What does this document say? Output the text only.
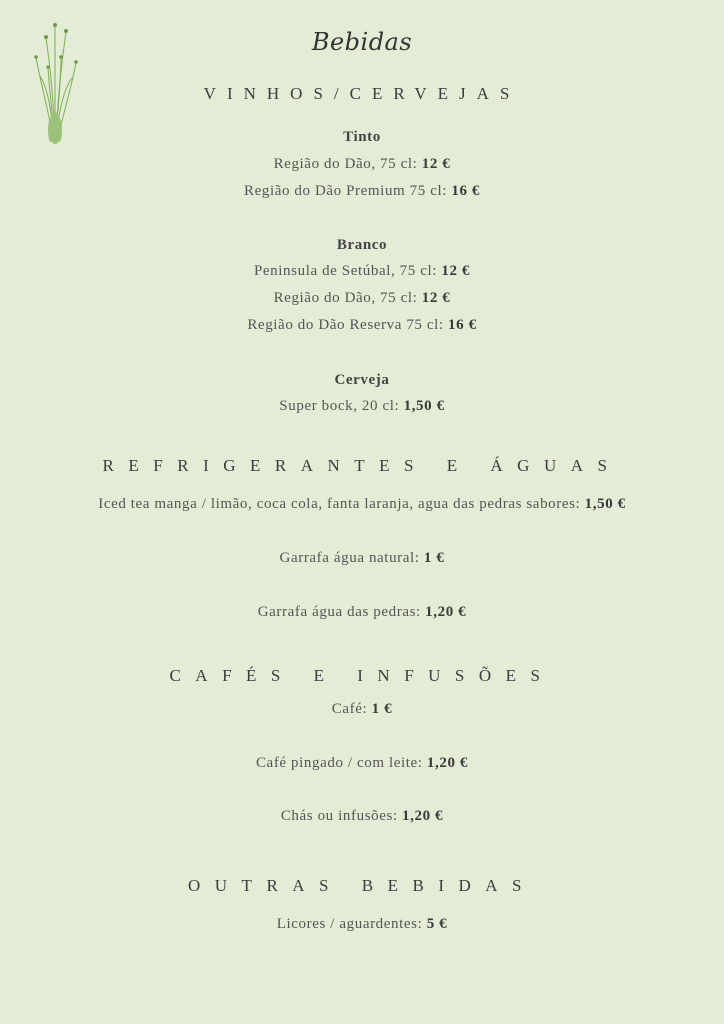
Bebidas
VINHOS/CERVEJAS
Tinto
Região do Dão, 75 cl: 12 €
Região do Dão Premium 75 cl: 16 €
Branco
Peninsula de Setúbal, 75 cl: 12 €
Região do Dão, 75 cl: 12 €
Região do Dão Reserva 75 cl: 16 €
Cerveja
Super bock, 20 cl: 1,50 €
REFRIGERANTES E ÁGUAS
Iced tea manga / limão, coca cola, fanta laranja, agua das pedras sabores: 1,50 €
Garrafa água natural: 1 €
Garrafa água das pedras: 1,20 €
CAFÉS E INFUSÕES
Café: 1 €
Café pingado / com leite: 1,20 €
Chás ou infusões: 1,20 €
OUTRAS BEBIDAS
Licores / aguardentes: 5 €
